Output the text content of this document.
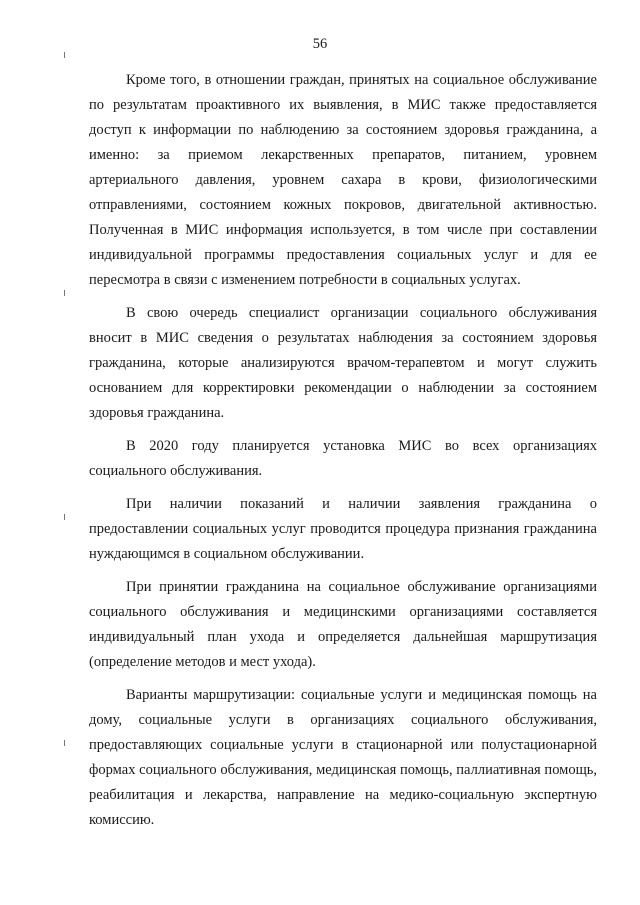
56

Кроме того, в отношении граждан, принятых на социальное обслуживание по результатам проактивного их выявления, в МИС также предоставляется доступ к информации по наблюдению за состоянием здоровья гражданина, а именно: за приемом лекарственных препаратов, питанием, уровнем артериального давления, уровнем сахара в крови, физиологическими отправлениями, состоянием кожных покровов, двигательной активностью. Полученная в МИС информация используется, в том числе при составлении индивидуальной программы предоставления социальных услуг и для ее пересмотра в связи с изменением потребности в социальных услугах.

В свою очередь специалист организации социального обслуживания вносит в МИС сведения о результатах наблюдения за состоянием здоровья гражданина, которые анализируются врачом-терапевтом и могут служить основанием для корректировки рекомендации о наблюдении за состоянием здоровья гражданина.

В 2020 году планируется установка МИС во всех организациях социального обслуживания.

При наличии показаний и наличии заявления гражданина о предоставлении социальных услуг проводится процедура признания гражданина нуждающимся в социальном обслуживании.

При принятии гражданина на социальное обслуживание организациями социального обслуживания и медицинскими организациями составляется индивидуальный план ухода и определяется дальнейшая маршрутизация (определение методов и мест ухода).

Варианты маршрутизации: социальные услуги и медицинская помощь на дому, социальные услуги в организациях социального обслуживания, предоставляющих социальные услуги в стационарной или полустационарной формах социального обслуживания, медицинская помощь, паллиативная помощь, реабилитация и лекарства, направление на медико-социальную экспертную комиссию.
